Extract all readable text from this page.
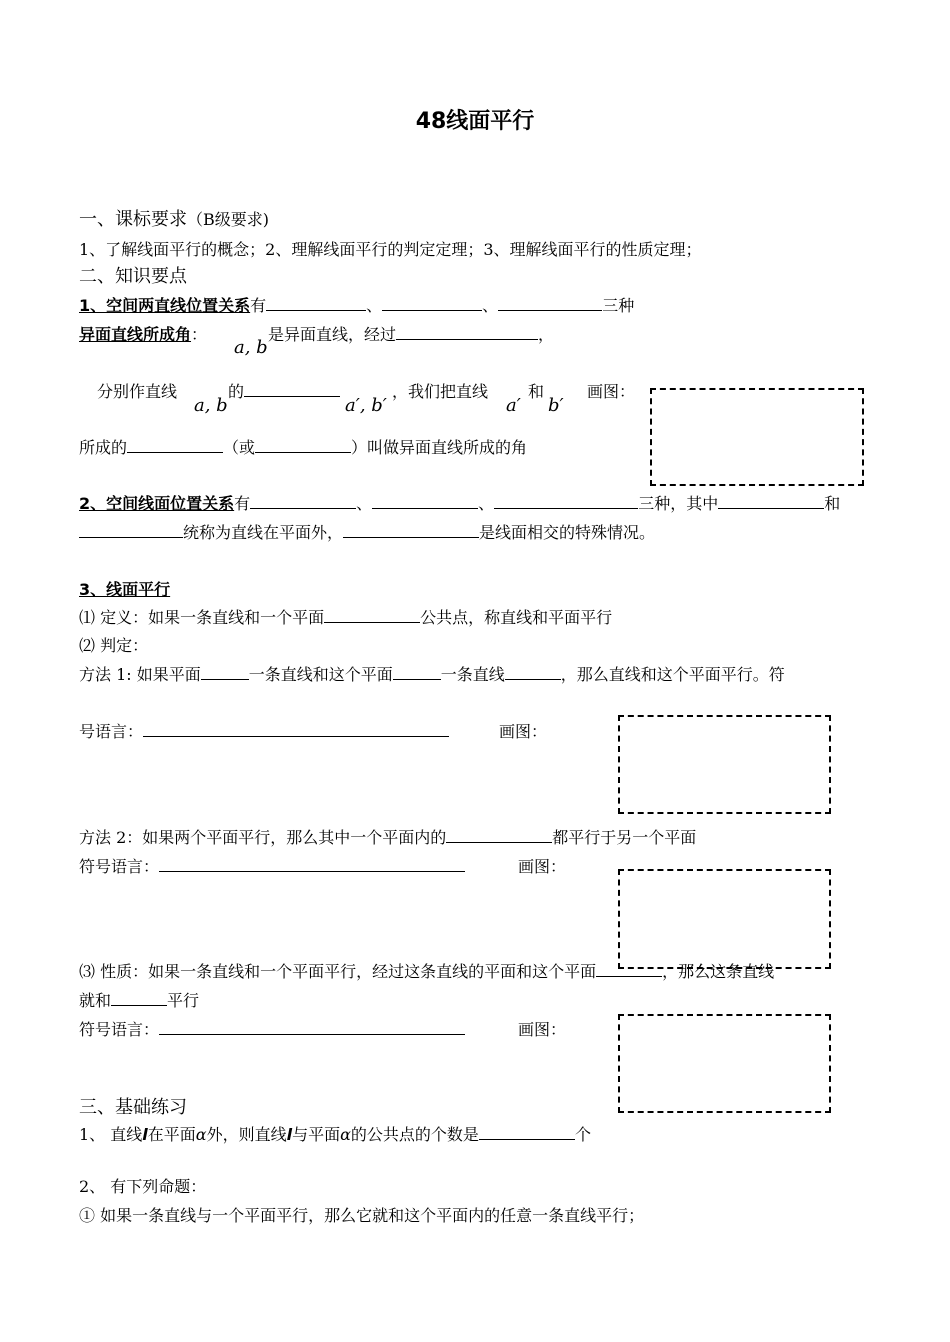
48线面平行
一、课标要求（B级要求)
1、了解线面平行的概念；2、理解线面平行的判定定理；3、理解线面平行的性质定理；
二、知识要点
1、空间两直线位置关系有	、	、	三种
异面直线所成角：
a, b
是异面直线，经过	，
分别作直线
a, b
的
a′, b′
，我们把直线
a′
和
b′
画图：
所成的	（或	）叫做异面直线所成的角
2、空间线面位置关系有	、	、	三种，其中	和
统称为直线在平面外，	是线面相交的特殊情况。
3、线面平行
⑴ 定义：如果一条直线和一个平面	公共点，称直线和平面平行
⑵ 判定：
方法 1: 如果平面	一条直线和这个平面	一条直线	，那么直线和这个平面平行。符
号语言：	画图：
方法 2：如果两个平面平行，那么其中一个平面内的	都平行于另一个平面
符号语言：	画图：
⑶ 性质：如果一条直线和一个平面平行，经过这条直线的平面和这个平面	，那么这条直线
就和	平行
符号语言：	画图：
三、基础练习
1、 直线l在平面α外，则直线l与平面α的公共点的个数是	个
2、 有下列命题：
① 如果一条直线与一个平面平行，那么它就和这个平面内的任意一条直线平行；
